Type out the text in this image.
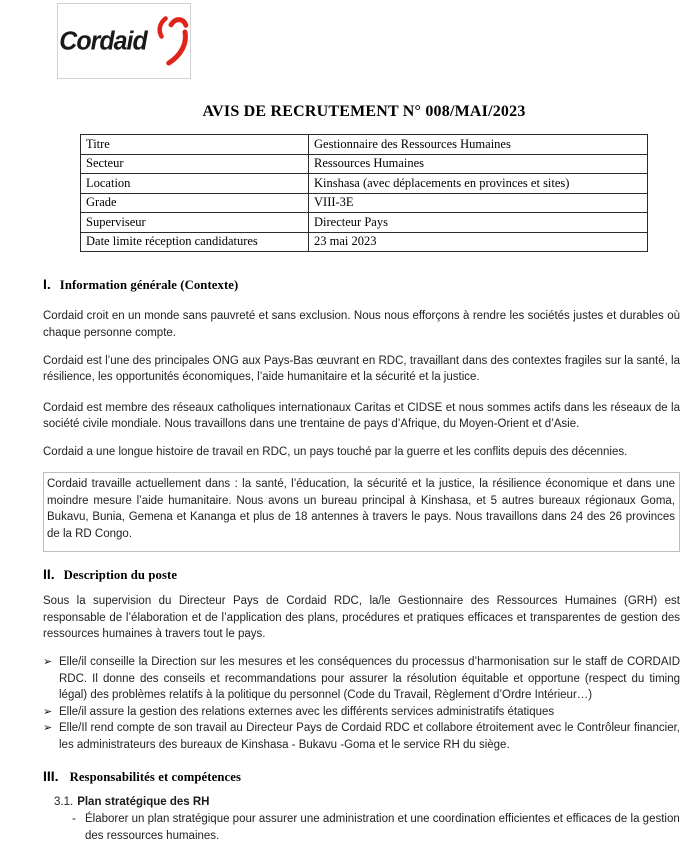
Cordaid
AVIS DE RECRUTEMENT N° 008/MAI/2023
Titre	Gestionnaire des Ressources Humaines
Secteur	Ressources Humaines
Location	Kinshasa (avec déplacements en provinces et sites)
Grade	VIII-3E
Superviseur	Directeur Pays
Date limite réception candidatures	23 mai 2023
I. Information générale (Contexte)

Cordaid croit en un monde sans pauvreté et sans exclusion. Nous nous efforçons à rendre les sociétés justes et durables où chaque personne compte.

Cordaid est l’une des principales ONG aux Pays-Bas œuvrant en RDC, travaillant dans des contextes fragiles sur la santé, la résilience, les opportunités économiques, l’aide humanitaire et la sécurité et la justice.

Cordaid est membre des réseaux catholiques internationaux Caritas et CIDSE et nous sommes actifs dans les réseaux de la société civile mondiale. Nous travaillons dans une trentaine de pays d’Afrique, du Moyen-Orient et d’Asie.

Cordaid a une longue histoire de travail en RDC, un pays touché par la guerre et les conflits depuis des décennies.

Cordaid travaille actuellement dans : la santé, l’éducation, la sécurité et la justice, la résilience économique et dans une moindre mesure l’aide humanitaire. Nous avons un bureau principal à Kinshasa, et 5 autres bureaux régionaux Goma, Bukavu, Bunia, Gemena et Kananga et plus de 18 antennes à travers le pays. Nous travaillons dans 24 des 26 provinces de la RD Congo.

II. Description du poste

Sous la supervision du Directeur Pays de Cordaid RDC, la/le Gestionnaire des Ressources Humaines (GRH) est responsable de l’élaboration et de l’application des plans, procédures et pratiques efficaces et transparentes de gestion des ressources humaines à travers tout le pays.

➢ Elle/il conseille la Direction sur les mesures et les conséquences du processus d’harmonisation sur le staff de CORDAID RDC. Il donne des conseils et recommandations pour assurer la résolution équitable et opportune (respect du timing légal) des problèmes relatifs à la politique du personnel (Code du Travail, Règlement d’Ordre Intérieur…)
➢ Elle/il assure la gestion des relations externes avec les différents services administratifs étatiques
➢ Elle/Il rend compte de son travail au Directeur Pays de Cordaid RDC et collabore étroitement avec le Contrôleur financier, les administrateurs des bureaux de Kinshasa - Bukavu -Goma et le service RH du siège.
III. Responsabilités et compétences
3.1. Plan stratégique des RH
- Élaborer un plan stratégique pour assurer une administration et une coordination efficientes et efficaces de la gestion des ressources humaines.
